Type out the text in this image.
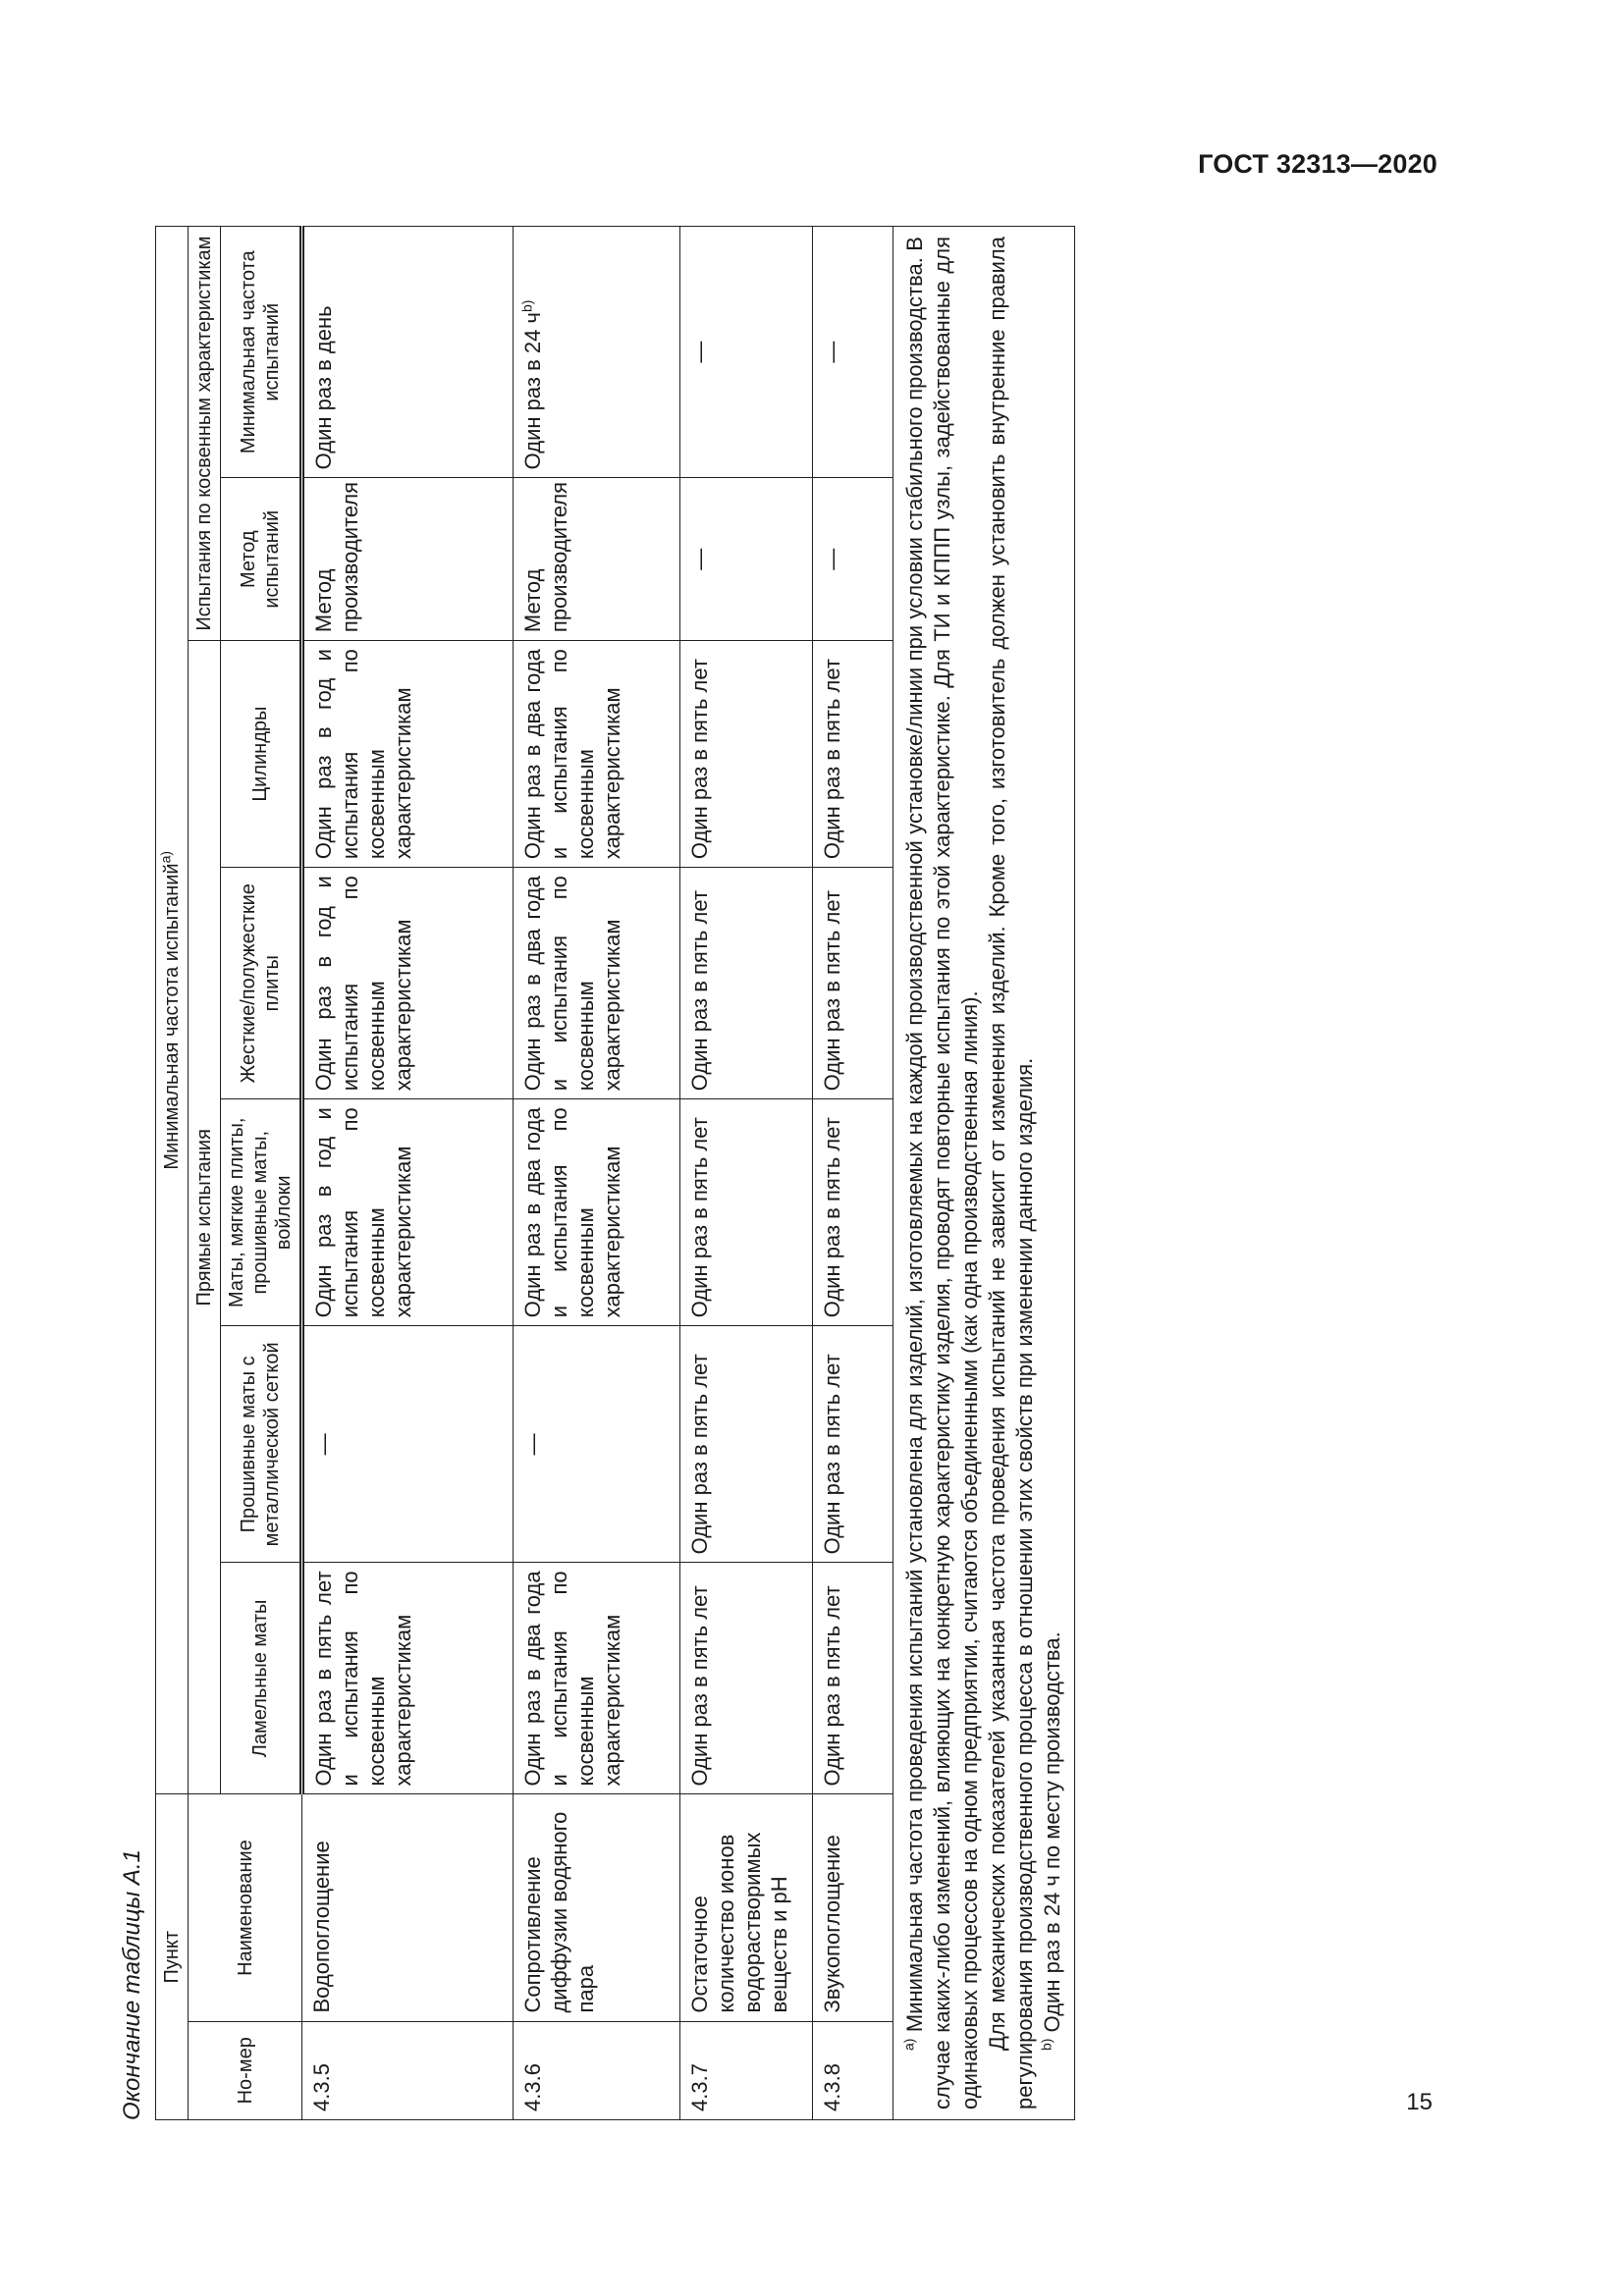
ГОСТ 32313—2020
15
Окончание таблицы А.1 Пункт		Минимальная частота испытаний$^{a)}$
Но-мер	Наименование	Прямые испытания					Испытания по косвенным характеристикам	
		Ламельные маты	Прошивные маты с металлической сеткой	Маты, мягкие плиты, прошивные маты, войлоки	Жесткие/полужесткие плиты	Цилиндры	Метод испытаний	Минимальная частота испытаний
4.3.5	Водопоглощение	Один раз в пять лет и испытания по косвенным характеристикам	—	Один раз в год и испытания по косвенным характеристикам	Один раз в год и испытания по косвенным характеристикам	Один раз в год и испытания по косвенным характеристикам	Метод производителя	Один раз в день
4.3.6	Сопротивление диффузии водяного пара	Один раз в два года и испытания по косвенным характеристикам	—	Один раз в два года и испытания по косвенным характеристикам	Один раз в два года и испытания по косвенным характеристикам	Один раз в два года и испытания по косвенным характеристикам	Метод производителя	Один раз в 24 $ч^{b)}$
4.3.7	Остаточное количество ионов водорастворимых веществ и pH	Один раз в пять лет	Один раз в пять лет	Один раз в пять лет	Один раз в пять лет	Один раз в пять лет	—	—
4.3.8	Звукопоглощение	Один раз в пять лет	Один раз в пять лет	Один раз в пять лет	Один раз в пять лет	Один раз в пять лет	—	—

$^{a)}$ Минимальная частота проведения испытаний установлена для изделий, изготовляемых на каждой производственной установке/линии при условии стабильного производства. В случае каких-либо изменений, влияющих на конкретную характеристику изделия, проводят повторные испытания по этой характеристике. Для ТИ и КППП узлы, задействованные для одинаковых процессов на одном предприятии, считаются объединенными (как одна производственная линия). Для механических показателей указанная частота проведения испытаний не зависит от изменения изделий. Кроме того, изготовитель должен установить внутренние правила регулирования производственного процесса в отношении этих свойств при изменении данного изделия. $^{b)}$ Один раз в 24 ч по месту производства.								
